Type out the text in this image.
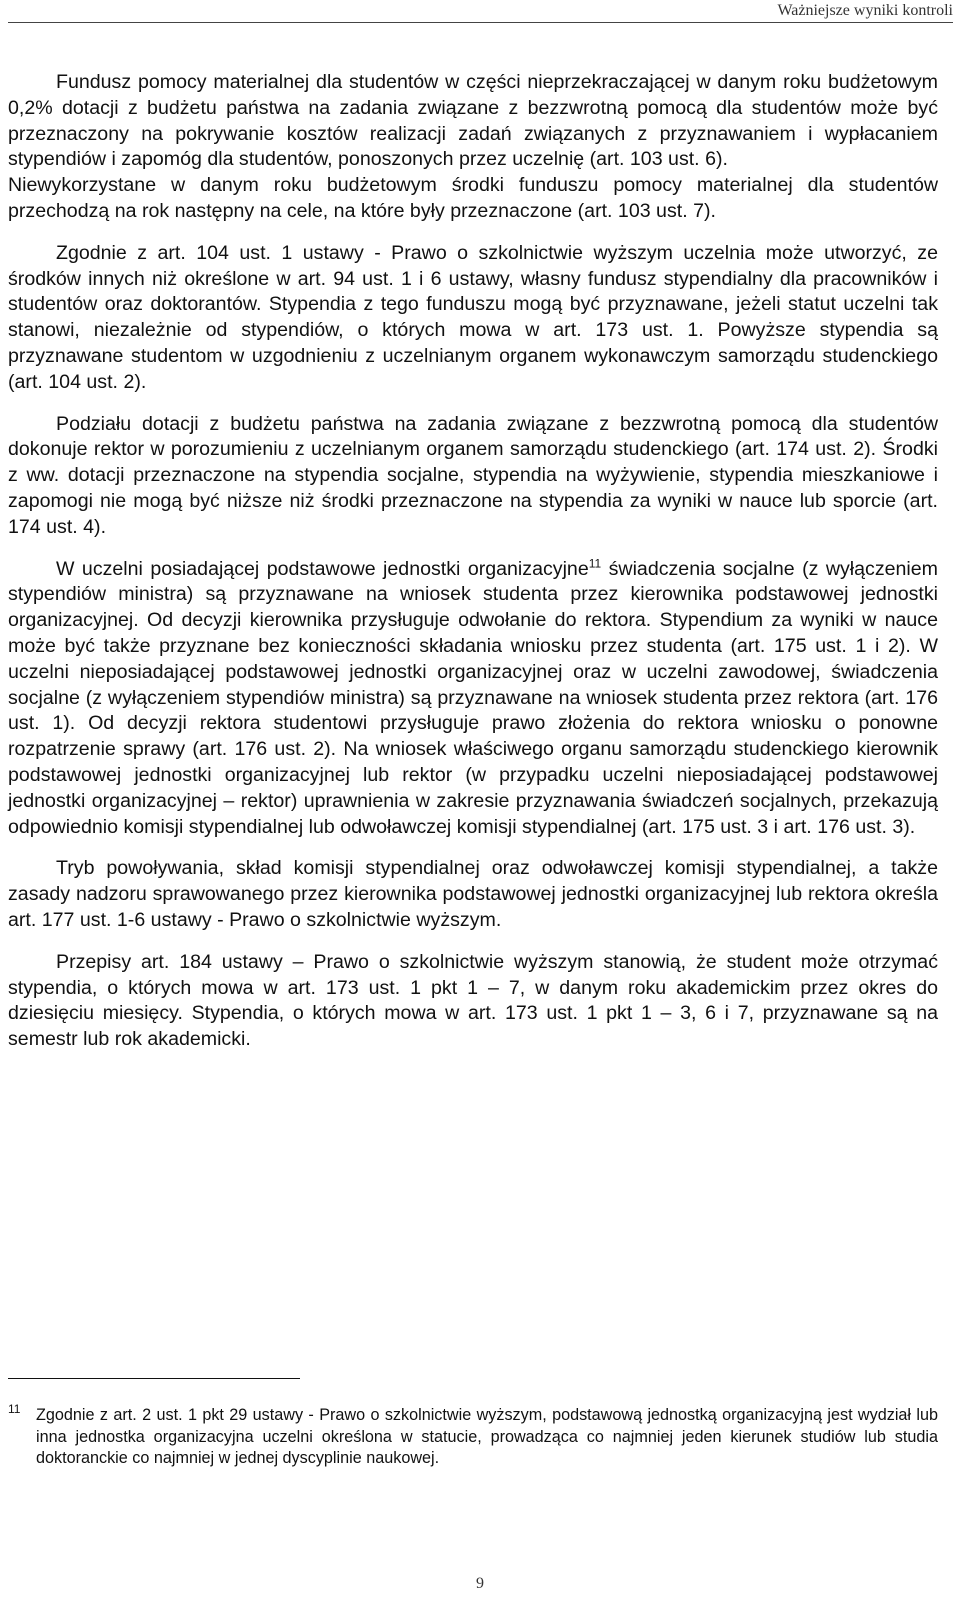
Ważniejsze wyniki kontroli

Fundusz pomocy materialnej dla studentów w części nieprzekraczającej w danym roku budżetowym 0,2% dotacji z budżetu państwa na zadania związane z bezzwrotną pomocą dla studentów może być przeznaczony na pokrywanie kosztów realizacji zadań związanych z przyznawaniem i wypłacaniem stypendiów i zapomóg dla studentów, ponoszonych przez uczelnię (art. 103 ust. 6).

Niewykorzystane w danym roku budżetowym środki funduszu pomocy materialnej dla studentów przechodzą na rok następny na cele, na które były przeznaczone (art. 103 ust. 7).

Zgodnie z art. 104 ust. 1 ustawy - Prawo o szkolnictwie wyższym uczelnia może utworzyć, ze środków innych niż określone w art. 94 ust. 1 i 6 ustawy, własny fundusz stypendialny dla pracowników i studentów oraz doktorantów. Stypendia z tego funduszu mogą być przyznawane, jeżeli statut uczelni tak stanowi, niezależnie od stypendiów, o których mowa w art. 173 ust. 1. Powyższe stypendia są przyznawane studentom w uzgodnieniu z uczelnianym organem wykonawczym samorządu studenckiego (art. 104 ust. 2).

Podziału dotacji z budżetu państwa na zadania związane z bezzwrotną pomocą dla studentów dokonuje rektor w porozumieniu z uczelnianym organem samorządu studenckiego (art. 174 ust. 2). Środki z ww. dotacji przeznaczone na stypendia socjalne, stypendia na wyżywienie, stypendia mieszkaniowe i zapomogi nie mogą być niższe niż środki przeznaczone na stypendia za wyniki w nauce lub sporcie (art. 174 ust. 4).

W uczelni posiadającej podstawowe jednostki organizacyjne$^{11}$ świadczenia socjalne (z wyłączeniem stypendiów ministra) są przyznawane na wniosek studenta przez kierownika podstawowej jednostki organizacyjnej. Od decyzji kierownika przysługuje odwołanie do rektora. Stypendium za wyniki w nauce może być także przyznane bez konieczności składania wniosku przez studenta (art. 175 ust. 1 i 2). W uczelni nieposiadającej podstawowej jednostki organizacyjnej oraz w uczelni zawodowej, świadczenia socjalne (z wyłączeniem stypendiów ministra) są przyznawane na wniosek studenta przez rektora (art. 176 ust. 1). Od decyzji rektora studentowi przysługuje prawo złożenia do rektora wniosku o ponowne rozpatrzenie sprawy (art. 176 ust. 2). Na wniosek właściwego organu samorządu studenckiego kierownik podstawowej jednostki organizacyjnej lub rektor (w przypadku uczelni nieposiadającej podstawowej jednostki organizacyjnej – rektor) uprawnienia w zakresie przyznawania świadczeń socjalnych, przekazują odpowiednio komisji stypendialnej lub odwoławczej komisji stypendialnej (art. 175 ust. 3 i art. 176 ust. 3).

Tryb powoływania, skład komisji stypendialnej oraz odwoławczej komisji stypendialnej, a także zasady nadzoru sprawowanego przez kierownika podstawowej jednostki organizacyjnej lub rektora określa art. 177 ust. 1-6 ustawy - Prawo o szkolnictwie wyższym.

Przepisy art. 184 ustawy – Prawo o szkolnictwie wyższym stanowią, że student może otrzymać stypendia, o których mowa w art. 173 ust. 1 pkt 1 – 7, w danym roku akademickim przez okres do dziesięciu miesięcy. Stypendia, o których mowa w art. 173 ust. 1 pkt 1 – 3, 6 i 7, przyznawane są na semestr lub rok akademicki.

11 Zgodnie z art. 2 ust. 1 pkt 29 ustawy - Prawo o szkolnictwie wyższym, podstawową jednostką organizacyjną jest wydział lub inna jednostka organizacyjna uczelni określona w statucie, prowadząca co najmniej jeden kierunek studiów lub studia doktoranckie co najmniej w jednej dyscyplinie naukowej.
9
